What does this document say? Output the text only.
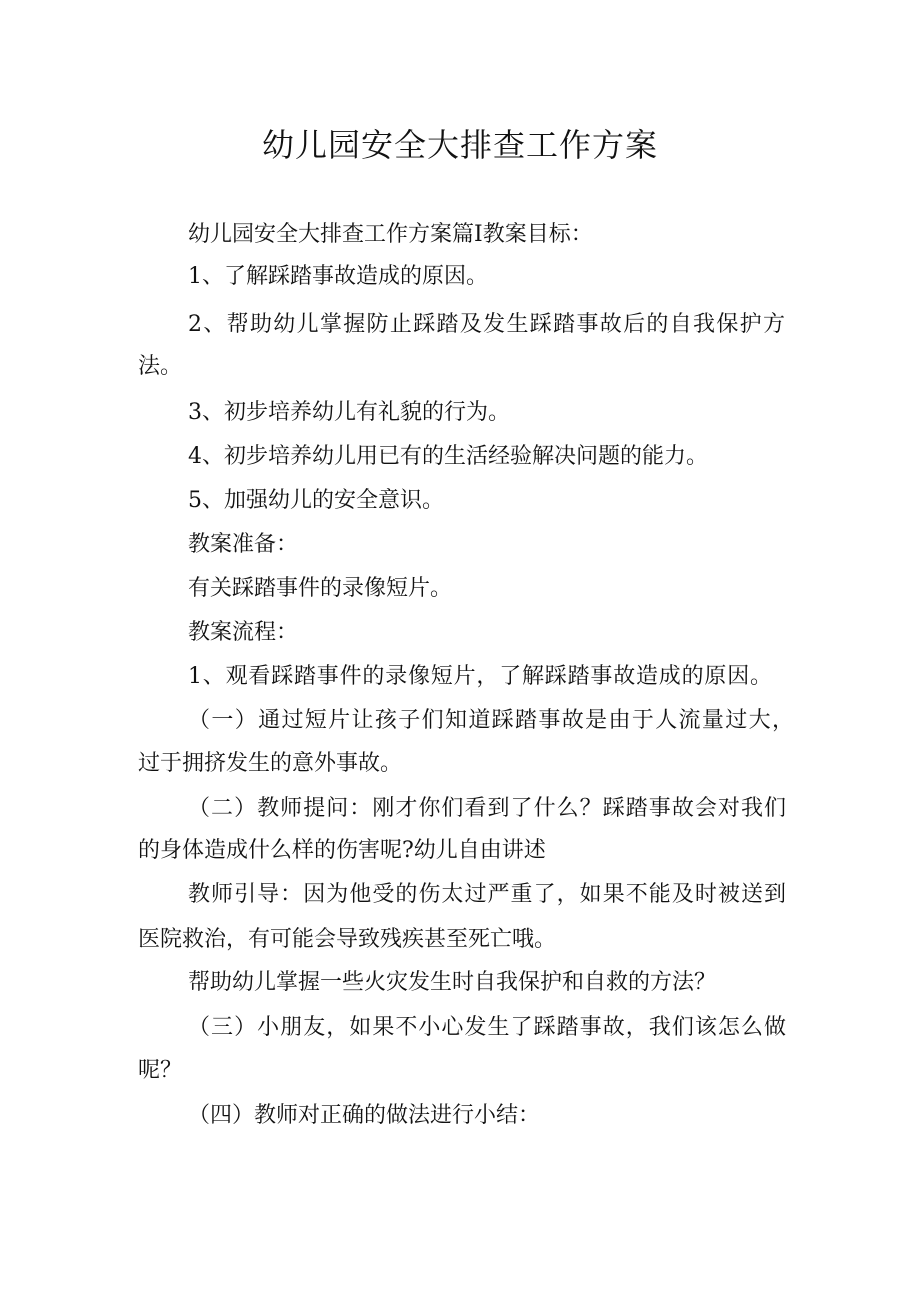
幼儿园安全大排查工作方案

幼儿园安全大排查工作方案篇Ⅰ教案目标：

1、了解踩踏事故造成的原因。

2、帮助幼儿掌握防止踩踏及发生踩踏事故后的自我保护方

法。

3、初步培养幼儿有礼貌的行为。

4、初步培养幼儿用已有的生活经验解决问题的能力。

5、加强幼儿的安全意识。

教案准备：

有关踩踏事件的录像短片。

教案流程：

1、观看踩踏事件的录像短片，了解踩踏事故造成的原因。

（一）通过短片让孩子们知道踩踏事故是由于人流量过大，

过于拥挤发生的意外事故。

（二）教师提问：刚才你们看到了什么？踩踏事故会对我们

的身体造成什么样的伤害呢?幼儿自由讲述

教师引导：因为他受的伤太过严重了，如果不能及时被送到

医院救治，有可能会导致残疾甚至死亡哦。

帮助幼儿掌握一些火灾发生时自我保护和自救的方法？

（三）小朋友，如果不小心发生了踩踏事故，我们该怎么做

呢？

（四）教师对正确的做法进行小结：
